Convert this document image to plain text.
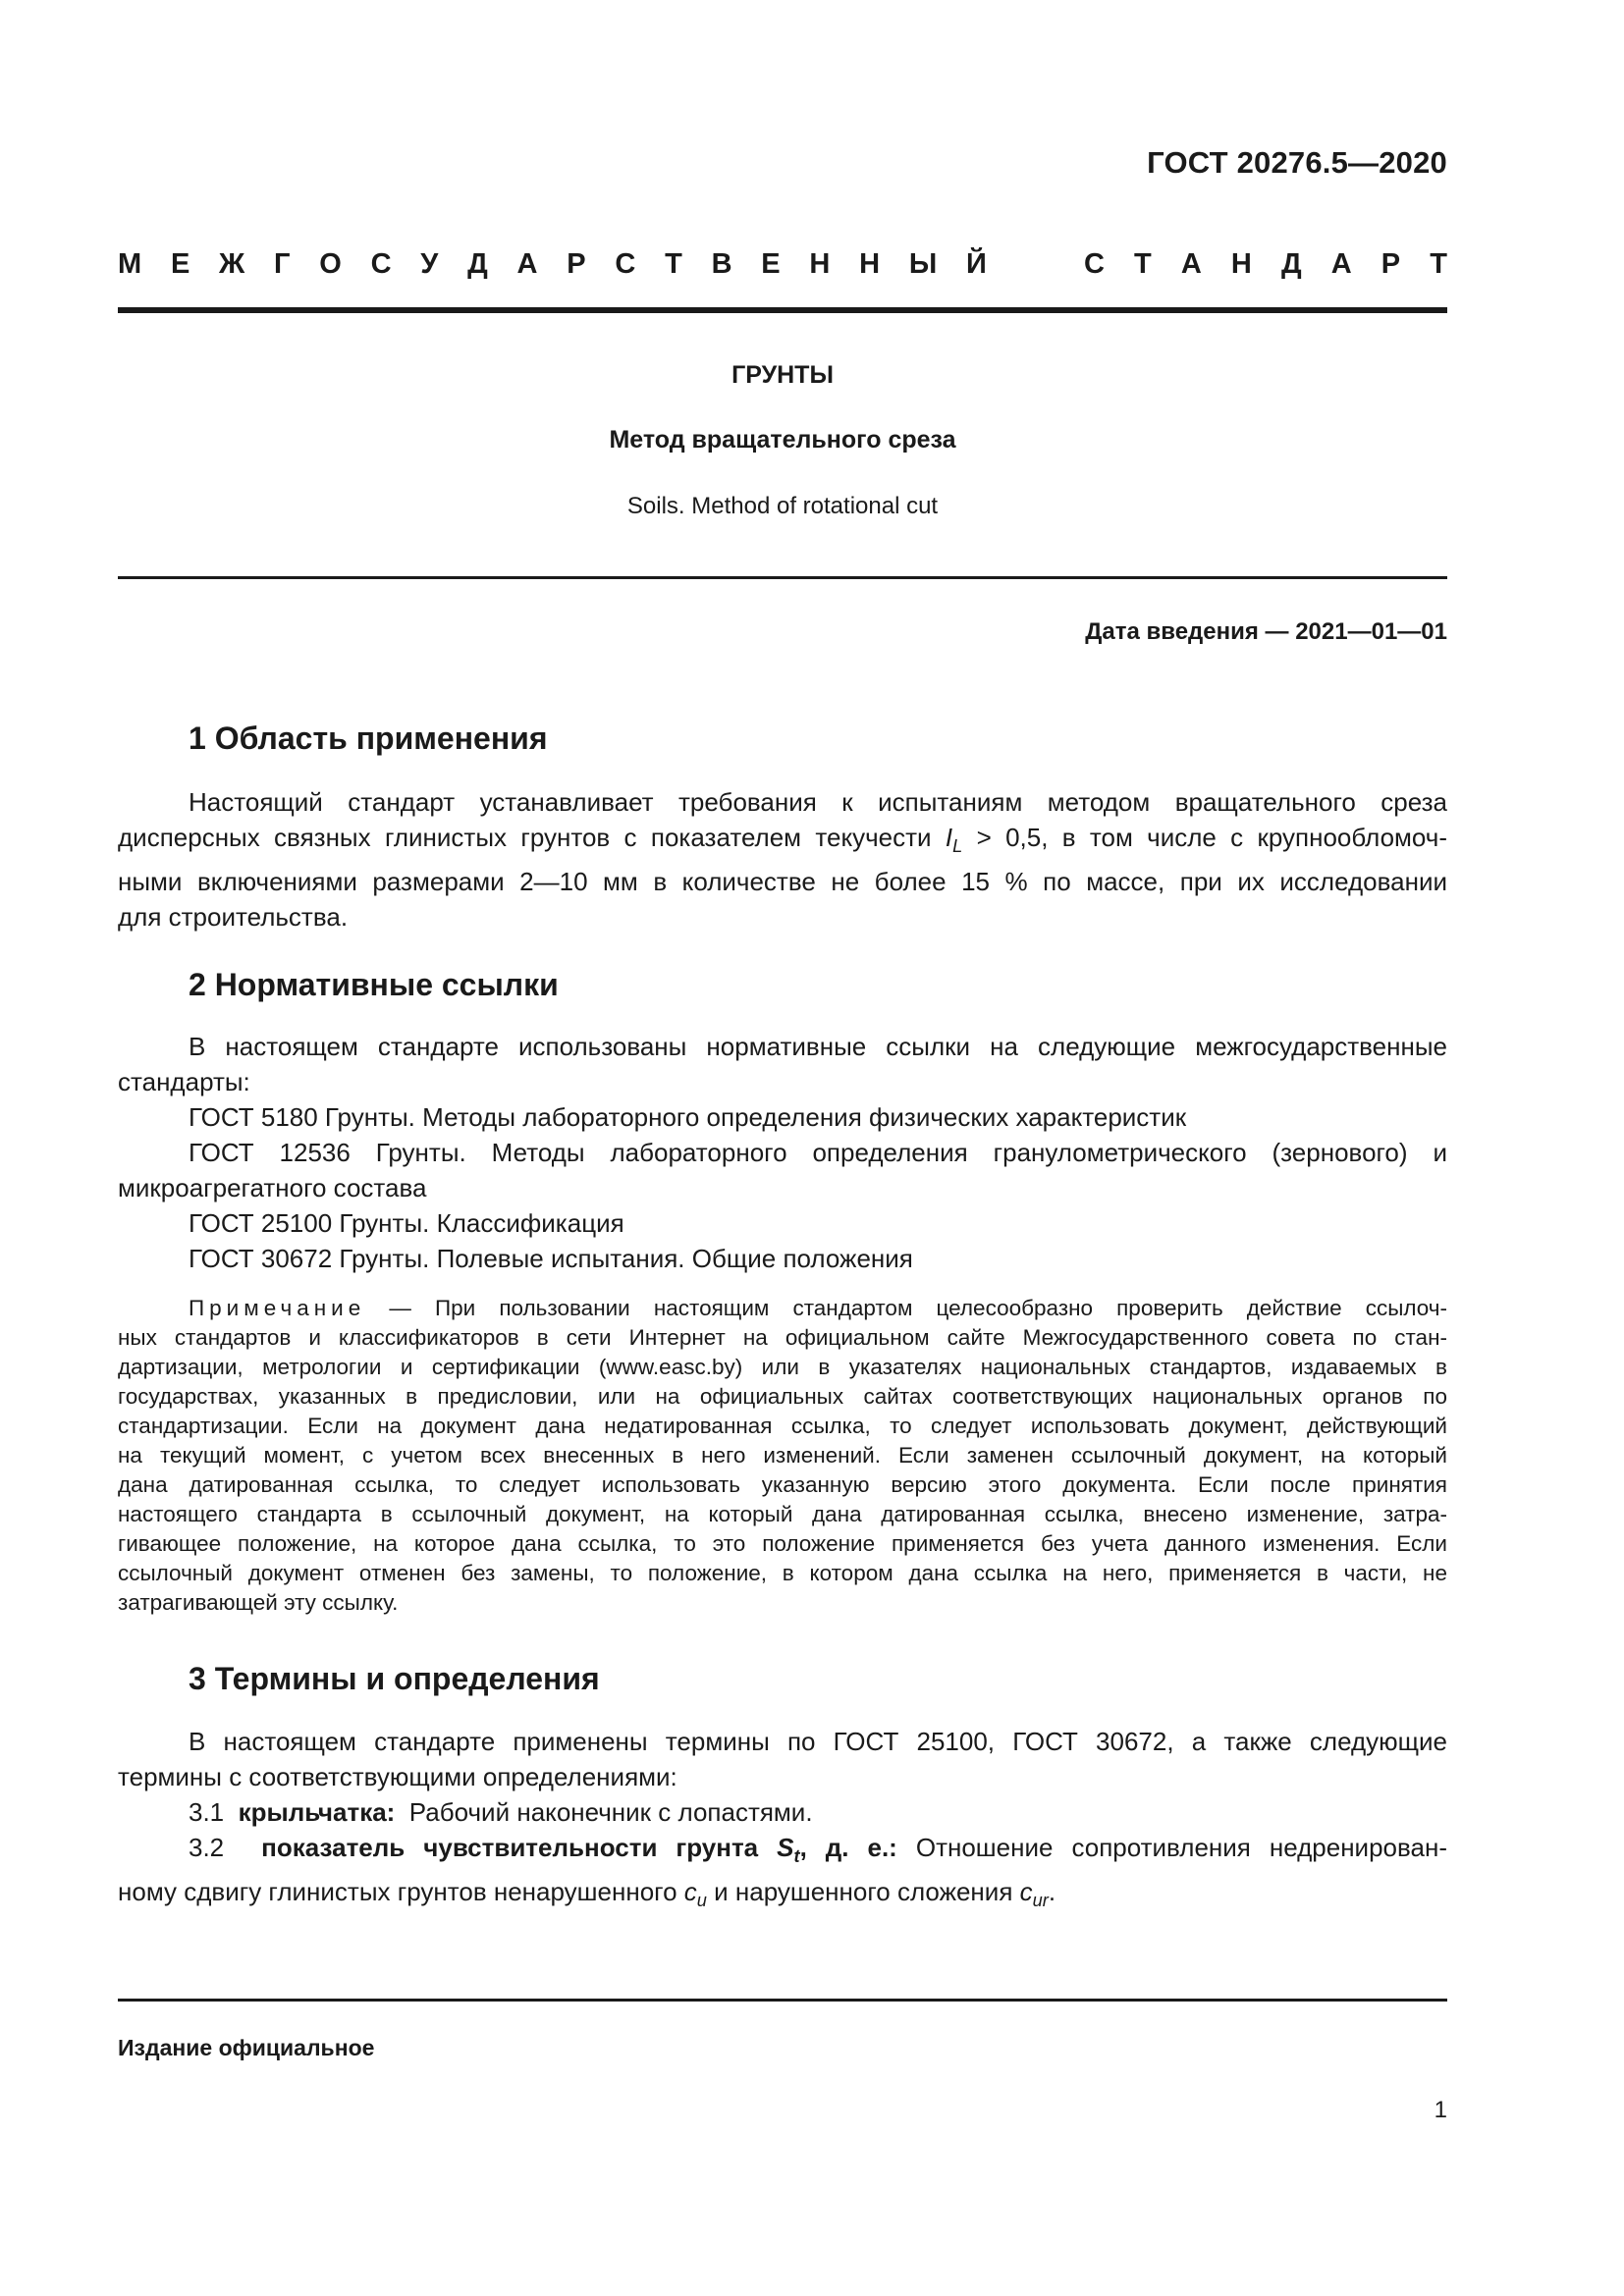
ГОСТ 20276.5—2020
М Е Ж Г О С У Д А Р С Т В Е Н Н Ы Й	С Т А Н Д А Р Т
ГРУНТЫ
Метод вращательного среза
Soils. Method of rotational cut
Дата введения — 2021—01—01
1 Область применения
Настоящий стандарт устанавливает требования к испытаниям методом вращательного среза
дисперсных связных глинистых грунтов с показателем текучести $I_L > 0,5$, в том числе с крупнообломоч-
ными включениями размерами 2—10 мм в количестве не более 15 % по массе, при их исследовании
для строительства.
2 Нормативные ссылки
В настоящем стандарте использованы нормативные ссылки на следующие межгосударственные
стандарты:
ГОСТ 5180 Грунты. Методы лабораторного определения физических характеристик
ГОСТ 12536 Грунты. Методы лабораторного определения гранулометрического (зернового) и
микроагрегатного состава
ГОСТ 25100 Грунты. Классификация
ГОСТ 30672 Грунты. Полевые испытания. Общие положения
Примечание — При пользовании настоящим стандартом целесообразно проверить действие ссылоч-
ных стандартов и классификаторов в сети Интернет на официальном сайте Межгосударственного совета по стан-
дартизации, метрологии и сертификации (www.easc.by) или в указателях национальных стандартов, издаваемых в
государствах, указанных в предисловии, или на официальных сайтах соответствующих национальных органов по
стандартизации. Если на документ дана недатированная ссылка, то следует использовать документ, действующий
на текущий момент, с учетом всех внесенных в него изменений. Если заменен ссылочный документ, на который
дана датированная ссылка, то следует использовать указанную версию этого документа. Если после принятия
настоящего стандарта в ссылочный документ, на который дана датированная ссылка, внесено изменение, затра-
гивающее положение, на которое дана ссылка, то это положение применяется без учета данного изменения. Если
ссылочный документ отменен без замены, то положение, в котором дана ссылка на него, применяется в части, не
затрагивающей эту ссылку.
3 Термины и определения
В настоящем стандарте применены термины по ГОСТ 25100, ГОСТ 30672, а также следующие
термины с соответствующими определениями:
3.1 крыльчатка: Рабочий наконечник с лопастями.
3.2 показатель чувствительности грунта $S_t$, д. е.: Отношение сопротивления недренирован-
ному сдвигу глинистых грунтов ненарушенного $c_u$ и нарушенного сложения $c_{ur}$.
Издание официальное
1
